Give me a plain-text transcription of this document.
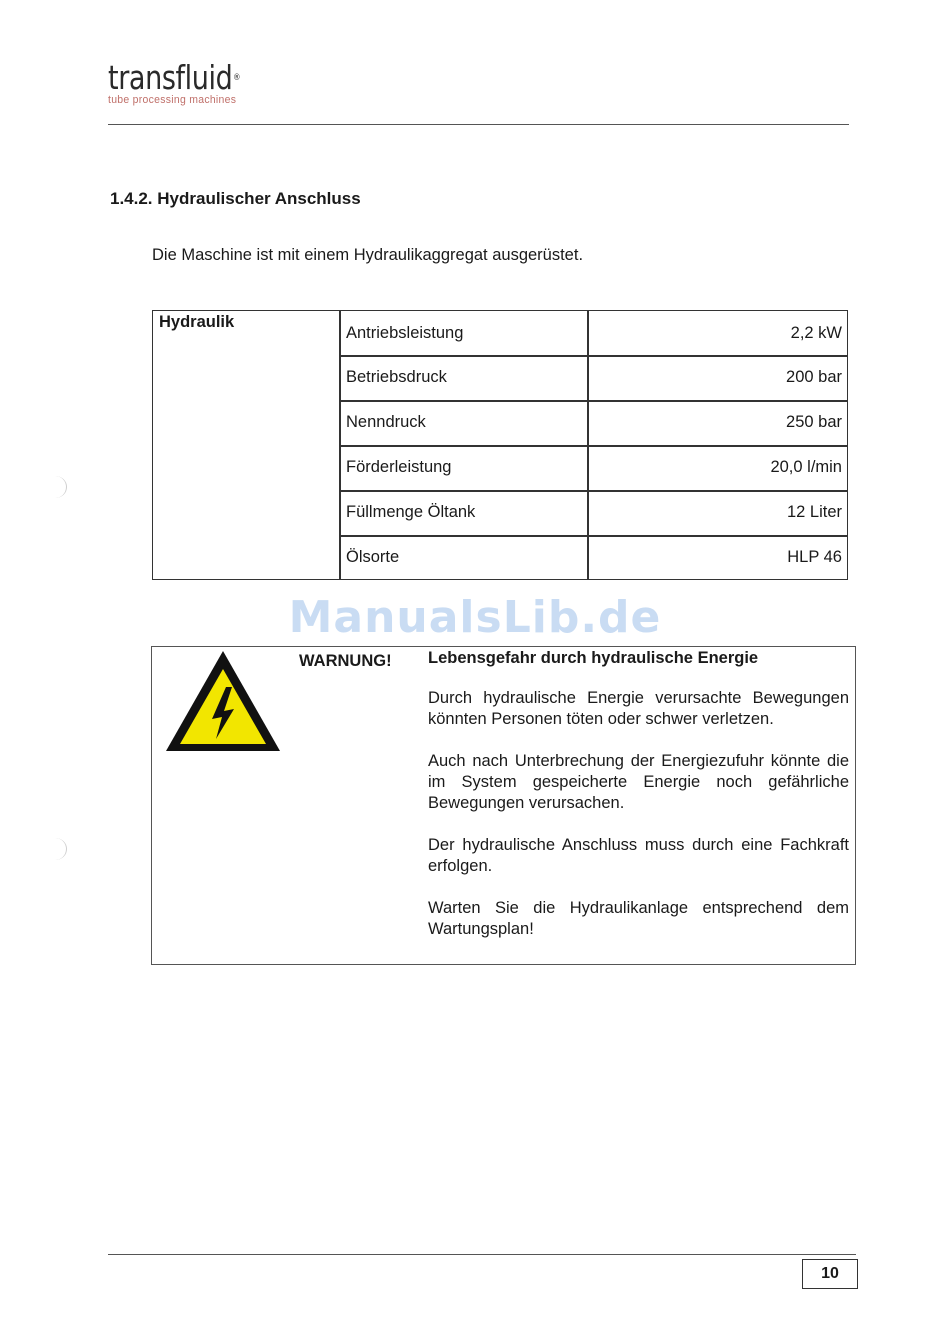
transfluid®
tube processing machines
1.4.2. Hydraulischer Anschluss
Die Maschine ist mit einem Hydraulikaggregat ausgerüstet.
Hydraulik
Antriebsleistung	2,2 kW
Betriebsdruck	200 bar
Nenndruck	250 bar
Förderleistung	20,0 l/min
Füllmenge Öltank	12 Liter
Ölsorte	HLP 46
ManualsLib.de
WARNUNG! Lebensgefahr durch hydraulische Energie

Durch hydraulische Energie verursachte Bewegungen könnten Personen töten oder schwer verletzen.

Auch nach Unterbrechung der Energiezufuhr könnte die im System gespeicherte Energie noch gefährliche Bewegungen verursachen.

Der hydraulische Anschluss muss durch eine Fachkraft erfolgen.

Warten Sie die Hydraulikanlage entsprechend dem Wartungsplan!

10
